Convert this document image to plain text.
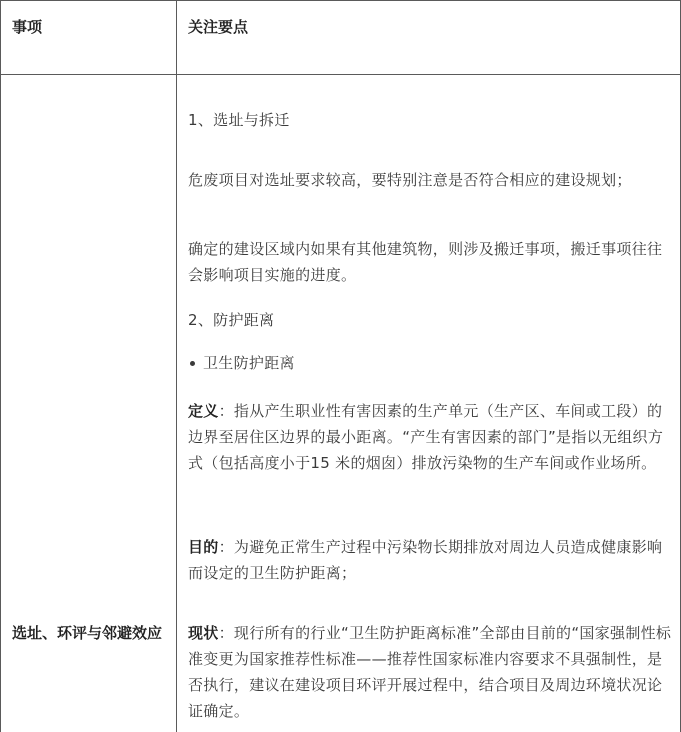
事项	关注要点
选址、环评与邻避效应
1、选址与拆迁
危废项目对选址要求较高，要特别注意是否符合相应的建设规划；
确定的建设区域内如果有其他建筑物，则涉及搬迁事项，搬迁事项往往会影响项目实施的进度。
2、防护距离
卫生防护距离
定义：指从产生职业性有害因素的生产单元（生产区、车间或工段）的边界至居住区边界的最小距离。“产生有害因素的部门”是指以无组织方式（包括高度小于15 米的烟囱）排放污染物的生产车间或作业场所。
目的：为避免正常生产过程中污染物长期排放对周边人员造成健康影响而设定的卫生防护距离；
现状：现行所有的行业“卫生防护距离标准”全部由目前的“国家强制性标准变更为国家推荐性标准——推荐性国家标准内容要求不具强制性，是否执行，建议在建设项目环评开展过程中，结合项目及周边环境状况论证确定。
